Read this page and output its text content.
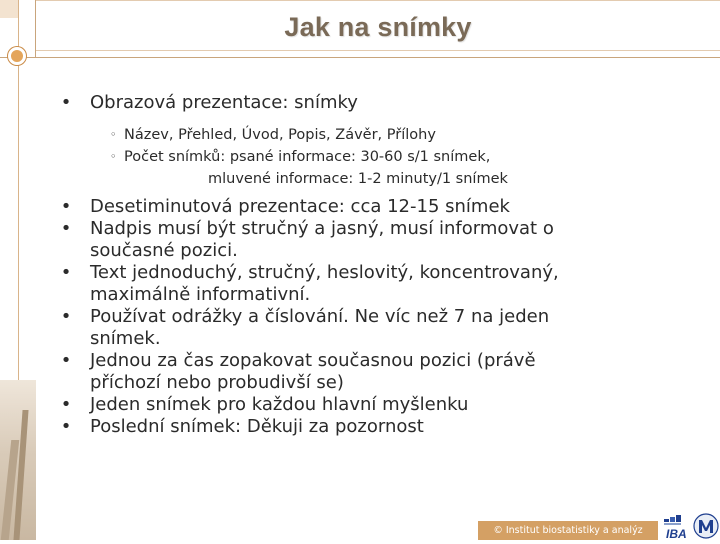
Jak na snímky
• Obrazová prezentace: snímky
◦ Název, Přehled, Úvod, Popis, Závěr, Přílohy
◦ Počet snímků: psané informace: 30-60 s/1 snímek,
mluvené informace: 1-2 minuty/1 snímek
• Desetiminutová prezentace: cca 12-15 snímek
• Nadpis musí být stručný a jasný, musí informovat o
současné pozici.
• Text jednoduchý, stručný, heslovitý, koncentrovaný,
maximálně informativní.
• Používat odrážky a číslování. Ne víc než 7 na jeden
snímek.
• Jednou za čas zopakovat současnou pozici (právě
příchozí nebo probudivší se)
• Jeden snímek pro každou hlavní myšlenku
• Poslední snímek: Děkuji za pozornost
© Institut biostatistiky a analýz	IBA
